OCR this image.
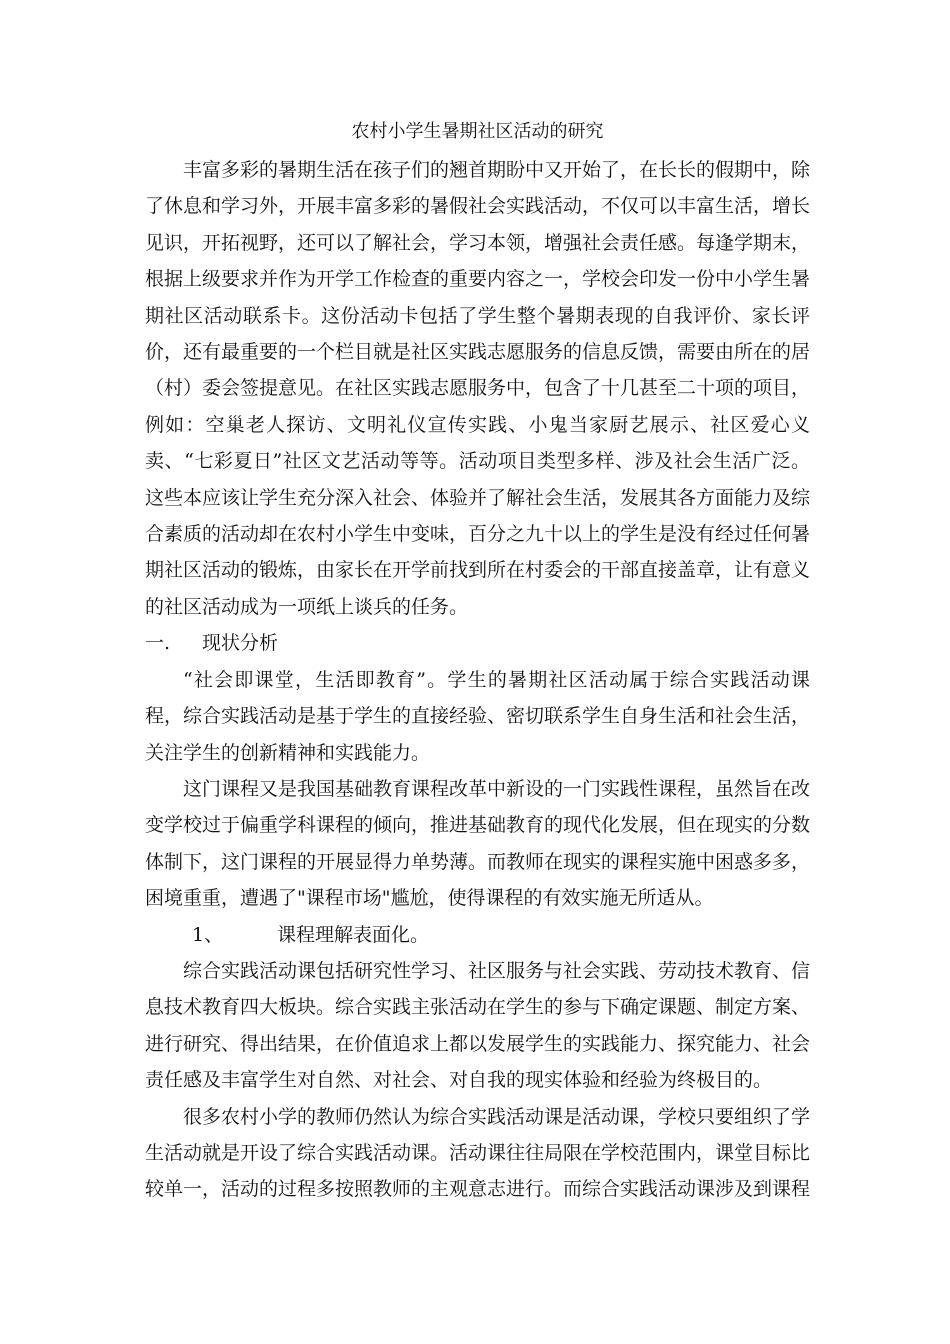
农村小学生暑期社区活动的研究

丰富多彩的暑期生活在孩子们的翘首期盼中又开始了，在长长的假期中，除了休息和学习外，开展丰富多彩的暑假社会实践活动，不仅可以丰富生活，增长见识，开拓视野，还可以了解社会，学习本领，增强社会责任感。每逢学期末，根据上级要求并作为开学工作检查的重要内容之一，学校会印发一份中小学生暑期社区活动联系卡。这份活动卡包括了学生整个暑期表现的自我评价、家长评价，还有最重要的一个栏目就是社区实践志愿服务的信息反馈，需要由所在的居（村）委会签提意见。在社区实践志愿服务中，包含了十几甚至二十项的项目，例如：空巢老人探访、文明礼仪宣传实践、小鬼当家厨艺展示、社区爱心义卖、“七彩夏日”社区文艺活动等等。活动项目类型多样、涉及社会生活广泛。这些本应该让学生充分深入社会、体验并了解社会生活，发展其各方面能力及综合素质的活动却在农村小学生中变味，百分之九十以上的学生是没有经过任何暑期社区活动的锻炼，由家长在开学前找到所在村委会的干部直接盖章，让有意义的社区活动成为一项纸上谈兵的任务。

一.	现状分析

“社会即课堂，生活即教育”。学生的暑期社区活动属于综合实践活动课程，综合实践活动是基于学生的直接经验、密切联系学生自身生活和社会生活，关注学生的创新精神和实践能力。

这门课程又是我国基础教育课程改革中新设的一门实践性课程，虽然旨在改变学校过于偏重学科课程的倾向，推进基础教育的现代化发展，但在现实的分数体制下，这门课程的开展显得力单势薄。而教师在现实的课程实施中困惑多多，困境重重，遭遇了"课程市场"尴尬，使得课程的有效实施无所适从。

1、	课程理解表面化。

综合实践活动课包括研究性学习、社区服务与社会实践、劳动技术教育、信息技术教育四大板块。综合实践主张活动在学生的参与下确定课题、制定方案、进行研究、得出结果，在价值追求上都以发展学生的实践能力、探究能力、社会责任感及丰富学生对自然、对社会、对自我的现实体验和经验为终极目的。

很多农村小学的教师仍然认为综合实践活动课是活动课，学校只要组织了学生活动就是开设了综合实践活动课。活动课往往局限在学校范围内，课堂目标比较单一，活动的过程多按照教师的主观意志进行。而综合实践活动课涉及到课程
